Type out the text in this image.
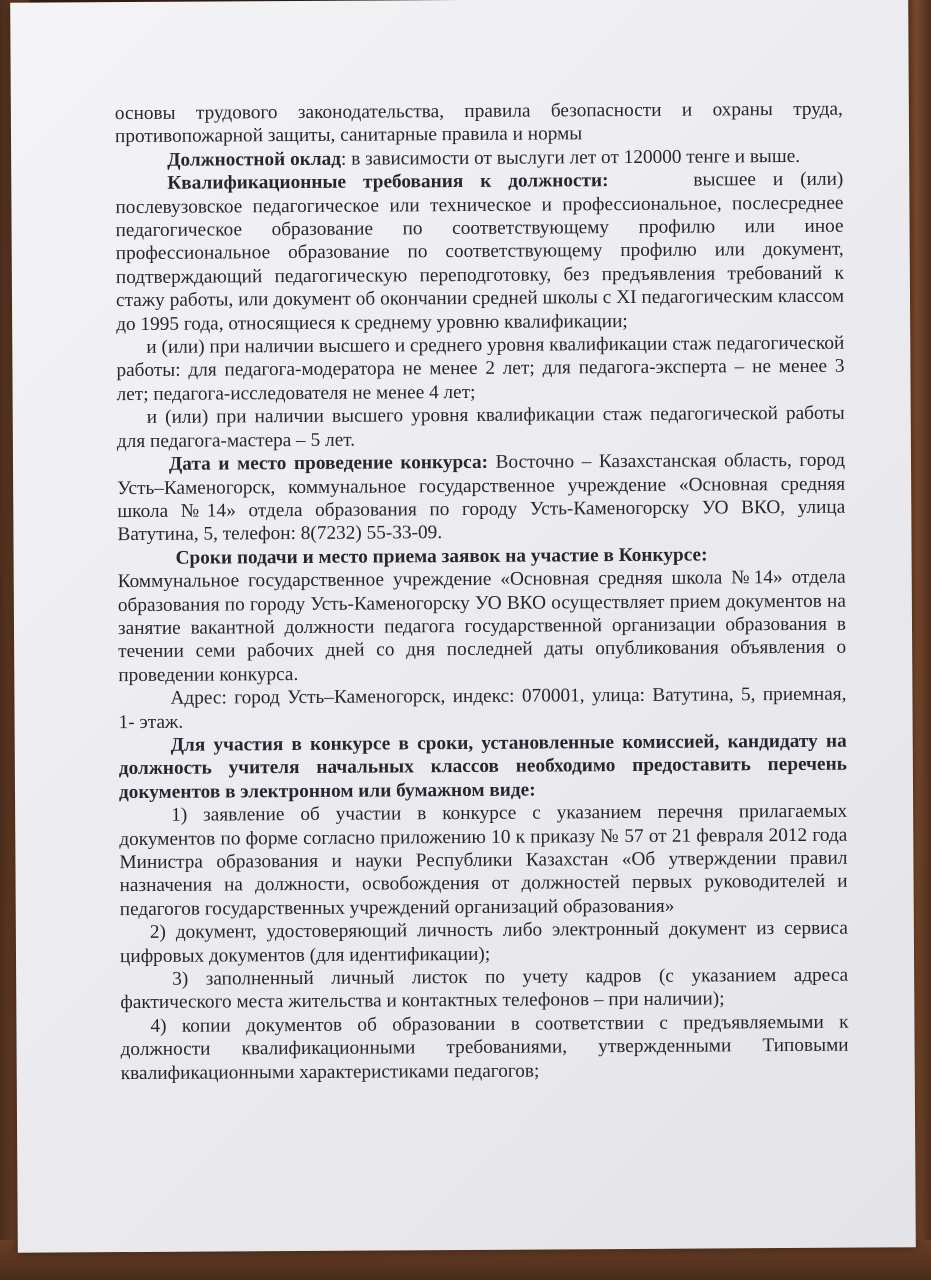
основы трудового законодательства, правила безопасности и охраны труда, противопожарной защиты, санитарные правила и нормы

Должностной оклад: в зависимости от выслуги лет от 120000 тенге и выше.

Квалификационные требования к должности:     высшее и (или) послевузовское педагогическое или техническое и профессиональное, послесреднее педагогическое образование по соответствующему профилю или иное профессиональное образование по соответствующему профилю или документ, подтверждающий педагогическую переподготовку, без предъявления требований к стажу работы, или документ об окончании средней школы с XI педагогическим классом до 1995 года, относящиеся к среднему уровню квалификации;

и (или) при наличии высшего и среднего уровня квалификации стаж педагогической работы: для педагога-модератора не менее 2 лет; для педагога-эксперта – не менее 3 лет; педагога-исследователя не менее 4 лет;

и (или) при наличии высшего уровня квалификации стаж педагогической работы для педагога-мастера – 5 лет.

Дата и место проведение конкурса: Восточно – Казахстанская область, город Усть–Каменогорск, коммунальное государственное учреждение «Основная средняя школа №14» отдела образования по городу Усть-Каменогорску УО ВКО, улица Ватутина, 5, телефон: 8(7232) 55-33-09.

Сроки подачи и место приема заявок на участие в Конкурсе:

Коммунальное государственное учреждение «Основная средняя школа №14» отдела образования по городу Усть-Каменогорску УО ВКО осуществляет прием документов на занятие вакантной должности педагога государственной организации образования в течении семи рабочих дней со дня последней даты опубликования объявления о проведении конкурса.

Адрес: город Усть–Каменогорск, индекс: 070001, улица: Ватутина, 5, приемная, 1- этаж.

Для участия в конкурсе в сроки, установленные комиссией, кандидату на должность учителя начальных классов необходимо предоставить перечень документов в электронном или бумажном виде:

1) заявление об участии в конкурсе с указанием перечня прилагаемых документов по форме согласно приложению 10 к приказу № 57 от 21 февраля 2012 года Министра образования и науки Республики Казахстан «Об утверждении правил назначения на должности, освобождения от должностей первых руководителей и педагогов государственных учреждений организаций образования»

2) документ, удостоверяющий личность либо электронный документ из сервиса цифровых документов (для идентификации);

3) заполненный личный листок по учету кадров (с указанием адреса фактического места жительства и контактных телефонов – при наличии);

4) копии документов об образовании в соответствии с предъявляемыми к должности квалификационными требованиями, утвержденными Типовыми квалификационными характеристиками педагогов;
